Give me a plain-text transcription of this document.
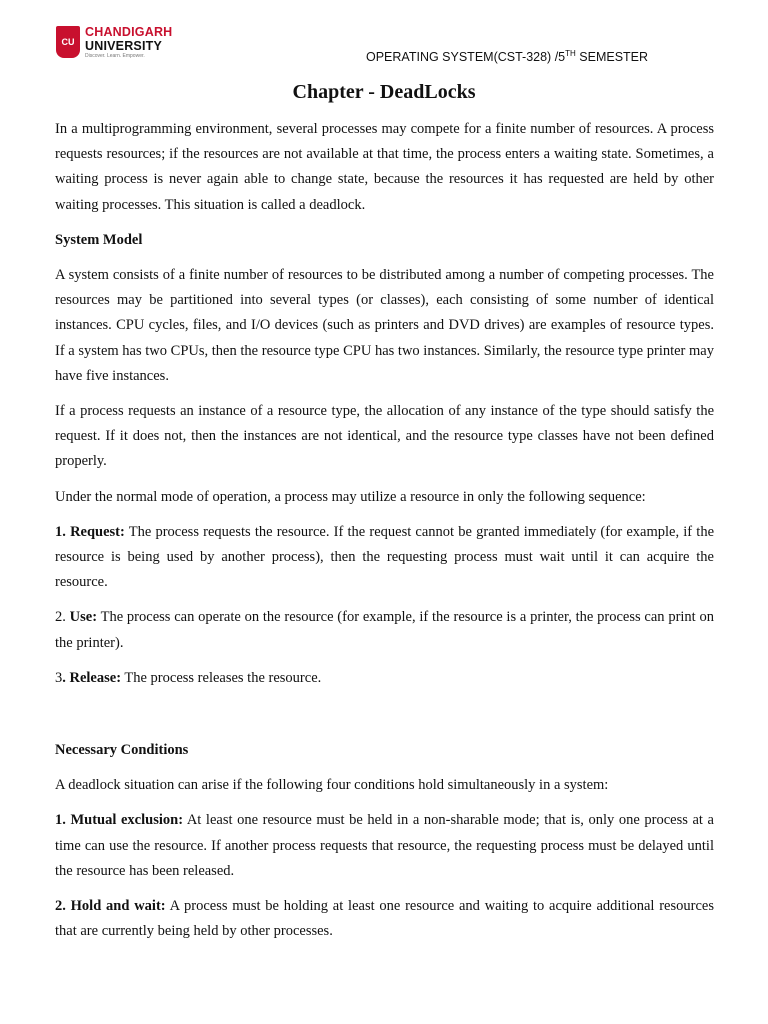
CU
CHANDIGARH
UNIVERSITY
Discover. Learn. Empower.	OPERATING SYSTEM(CST-328) /5TH SEMESTER
Chapter - DeadLocks

In a multiprogramming environment, several processes may compete for a finite number of resources. A process requests resources; if the resources are not available at that time, the process enters a waiting state. Sometimes, a waiting process is never again able to change state, because the resources it has requested are held by other waiting processes. This situation is called a deadlock.

System Model

A system consists of a finite number of resources to be distributed among a number of competing processes. The resources may be partitioned into several types (or classes), each consisting of some number of identical instances. CPU cycles, files, and I/O devices (such as printers and DVD drives) are examples of resource types. If a system has two CPUs, then the resource type CPU has two instances. Similarly, the resource type printer may have five instances.

If a process requests an instance of a resource type, the allocation of any instance of the type should satisfy the request. If it does not, then the instances are not identical, and the resource type classes have not been defined properly.

Under the normal mode of operation, a process may utilize a resource in only the following sequence:

1. Request: The process requests the resource. If the request cannot be granted immediately (for example, if the resource is being used by another process), then the requesting process must wait until it can acquire the resource.

2. Use: The process can operate on the resource (for example, if the resource is a printer, the process can print on the printer).

3. Release: The process releases the resource.

Necessary Conditions

A deadlock situation can arise if the following four conditions hold simultaneously in a system:

1. Mutual exclusion: At least one resource must be held in a non-sharable mode; that is, only one process at a time can use the resource. If another process requests that resource, the requesting process must be delayed until the resource has been released.

2. Hold and wait: A process must be holding at least one resource and waiting to acquire additional resources that are currently being held by other processes.
